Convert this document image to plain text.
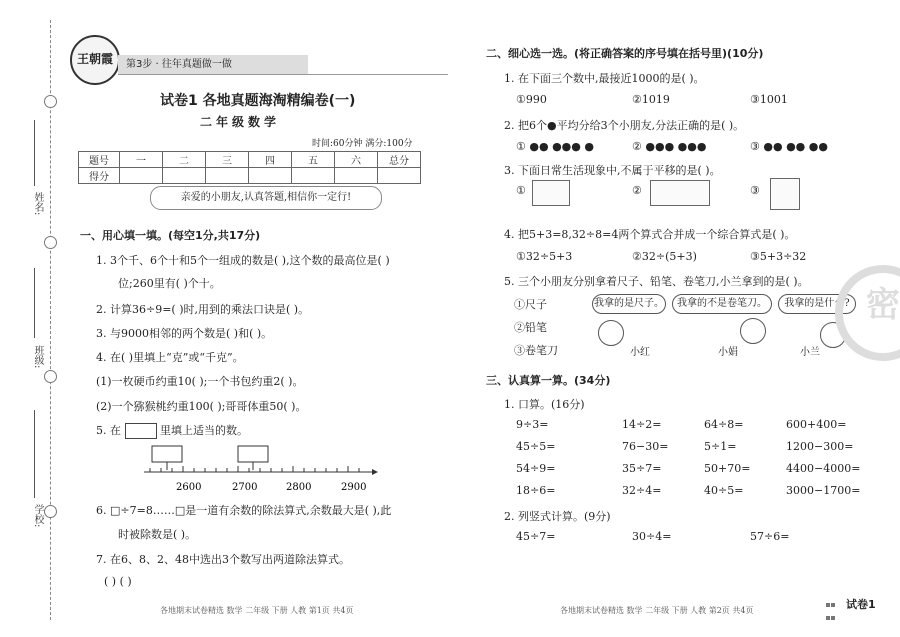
姓名:
班级:
学校:
王朝霞	第3步 · 往年真题做一做
试卷1 各地真题海淘精编卷(一)
二年级数学
时间:60分钟 满分:100分
题号	一	二	三	四	五	六	总分
得分							
亲爱的小朋友,认真答题,相信你一定行!
一、用心填一填。(每空1分,共17分)
1. 3个千、6个十和5个一组成的数是( ),这个数的最高位是( )
位;260里有( )个十。
2. 计算36÷9=( )时,用到的乘法口诀是( )。
3. 与9000相邻的两个数是( )和( )。
4. 在( )里填上“克”或“千克”。
(1)一枚硬币约重10( );一个书包约重2( )。
(2)一个猕猴桃约重100( );哥哥体重50( )。
5. 在	里填上适当的数。
2600	2700	2800	2900
6. □÷7=8……□是一道有余数的除法算式,余数最大是( ),此
时被除数是( )。
7. 在6、8、2、48中选出3个数写出两道除法算式。
( ) ( )
各地期末试卷精选 数学 二年级 下册 人教 第1页 共4页
二、细心选一选。(将正确答案的序号填在括号里)(10分)
1. 在下面三个数中,最接近1000的是( )。
①990	②1019	③1001
2. 把6个●平均分给3个小朋友,分法正确的是( )。
① ●● ●●● ●	② ●●● ●●●	③ ●● ●● ●●
3. 下面日常生活现象中,不属于平移的是( )。
①	②	③
4. 把5+3=8,32÷8=4两个算式合并成一个综合算式是( )。
①32÷5+3	②32÷(5+3)	③5+3÷32
5. 三个小朋友分别拿着尺子、铅笔、卷笔刀,小兰拿到的是( )。
①尺子
②铅笔
③卷笔刀
我拿的是尺子。	我拿的不是卷笔刀。	我拿的是什么?
小红	小娟	小兰
三、认真算一算。(34分)
1. 口算。(16分)
9÷3=	14÷2=	64÷8=	600+400=
45÷5=	76−30=	5÷1=	1200−300=
54÷9=	35÷7=	50+70=	4400−4000=
18÷6=	32÷4=	40÷5=	3000−1700=
2. 列竖式计算。(9分)
45÷7=	30÷4=	57÷6=
各地期末试卷精选 数学 二年级 下册 人教 第2页 共4页	试卷1
密
